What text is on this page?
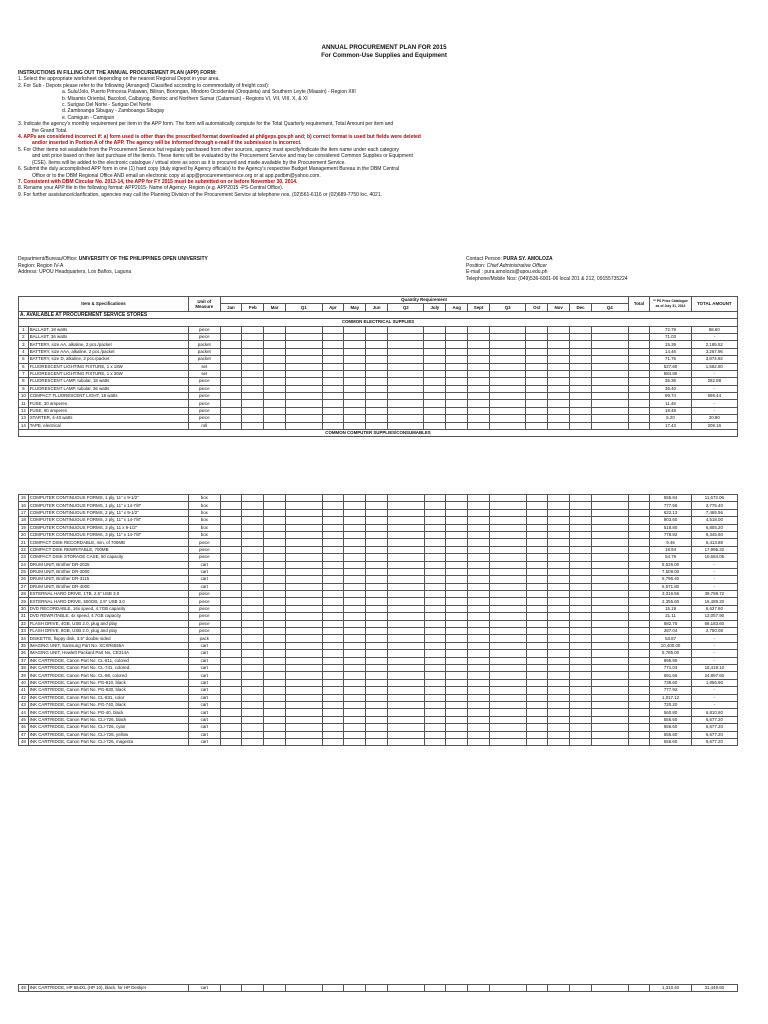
ANNUAL PROCUREMENT PLAN FOR 2015
For Common-Use Supplies and Equipment
INSTRUCTIONS IN FILLING OUT THE ANNUAL PROCUREMENT PLAN (APP) FORM:
1. Select the appropriate worksheet depending on the nearest Regional Depot in your area.
2. For Sub - Depots please refer to the following (Arranged) Classified according to commmodality of freight cost):
a. Sulu/Jolo, Puerto Princesa Palawan, Biliran, Borongan, Mindoro Occidental (Oroquieta) and Southern Leyte (Maasin) - Region XIII
b. Misamis Oriental, Bacolod, Calbayog, Bontoc and Northern Samar (Catarman) - Regions VI, VII, VIII, X, & XI
c. Surigao Del Norte - Surigao Del Norte
d. Zamboanga Sibugay - Zamboanga Sibugay
e. Camiguin - Camiguin
3. Indicate the agency's monthly requirement per item in the APP form. The form will automatically compute for the Total Quarterly requirement, Total Amount per item and
the Grand Total.
4. APPs are considered incorrect if: a) form used is other than the prescribed format downloaded at philgeps.gov.ph and; b) correct format is used but fields were deleted
and/or inserted in Portion A of the APP. The agency will be informed through e-mail if the submission is incorrect.
5. For Other items not available from the Procurement Service but regularly purchased from other sources, agency must specify/indicate the item name under each category
and unit price based on their last purchase of the item/s. These items will be evaluated by the Procurement Service and may be considered Common Supplies or Equipment
(CSE). Items will be added to the electronic catalogue / virtual store as soon as it is procured and made available by the Procurement Service.
6. Submit the duly accomplished APP form in one (1) hard copy (duly signed by Agency officials) to the Agency's respective Budget Management Bureau in the DBM Central
Office or to the DBM Regional Office AND email an electronic copy at app@procurementservice.org or at app.psdbm@yahoo.com.
7. Consistent with DBM Circular No. 2013-14, the APP for FY 2015 must be submitted on or before November 30, 2014.
8. Rename your APP file in the following format: APP2015- Name of Agency- Region (e.g. APP2015 -PS-Central Office).
9. For further assistance/clarification, agencies may call the Planning Division of the Procurement Service at telephone nos. (02)561-6116 or (02)689-7750 loc. 4021.
Department/Bureau/Office: UNIVERSITY OF THE PHILIPPINES OPEN UNIVERSITY
Region: Region IV-A
Address: UPOU Headquarters, Los Baños, Laguna
Contact Person: PURA SY. AMOLOZA
Position: Chief Administrative Officer
E-mail : pura.amoloza@upou.edu.ph
Telephone/Mobile Nos: (049)536-6001-06 local 201 & 212, 09155735224
Item & Specifications		Unit of Measure	Quantity Requirement																Total	** PS Price Catalogue as of July 31, 2014	TOTAL AMOUNT
			Jan	Feb	Mar	Q1	Apr	May	Jun	Q2	July	Aug	Sept	Q3	Oct	Nov	Dec	Q4			
A. AVAILABLE AT PROCUREMENT SERVICE STORES																					
COMMON ELECTRICAL SUPPLIES																					
1	BALLAST, 18 watts	piece																		72.79	58.60
2	BALLAST, 36 watts	piece																		71.03	-
3	BATTERY, size AA, alkaline, 2 pcs./packet	packet																		15.39	2,185.52
4	BATTERY, size AAA, alkaline, 2 pcs./packet	packet																		14.46	3,267.96
5	BATTERY, size D, alkaline, 2 pcs./packet	packet																		71.76	3,874.92
6	FLUORESCENT LIGHTING FIXTURE, 1 x 18W	set																		527.60	1,582.80
7	FLUORESCENT LIGHTING FIXTURE, 1 x 36W	set																		584.80	-
8	FLUORESCENT LAMP, tubular, 18 watts	piece																		35.36	282.88
9	FLUORESCENT LAMP, tubular, 36 watts	piece																		36.40	-
10	COMPACT FLUORESCENT LIGHT, 18 watts	piece																		99.74	598.44
11	FUSE, 30 amperes	piece																		11.48	-
12	FUSE, 60 amperes	piece																		18.48	-
13	STARTER, 4-40 watts	piece																		5.20	20.80
14	TAPE, electrical	roll																		17.43	209.16
COMMON COMPUTER SUPPLIES/CONSUMABLES																					
15	COMPUTER CONTINUOUS FORMS, 1 ply, 11" x 9-1/2"	box																		555.84	11,673.06
16	COMPUTER CONTINUOUS FORMS, 1 ply, 11" x 14-7/8"	box																		777.56	2,775.40
17	COMPUTER CONTINUOUS FORMS, 2 ply, 11" x 9-1/2"	box																		622.13	7,465.56
18	COMPUTER CONTINUOUS FORMS, 2 ply, 11" x 14-7/8"	box																		903.60	4,518.00
19	COMPUTER CONTINUOUS FORMS, 3 ply, 11 x 9-1/2"	box																		518.80	6,805.20
20	COMPUTER CONTINUOUS FORMS, 3 ply, 11" x 14-7/8"	box																		778.82	9,345.60
21	COMPACT DISK RECORDABLE, min. of 700MB	piece																		9.46	6,413.88
22	COMPACT DISK REWRITABLE, 700MB	piece																		18.94	17,995.32
23	COMPACT DISK STORAGE CASE, 50 capacity	piece																		54.79	10,684.05
24	DRUM UNIT, Brother DR-2025	cart																		8,526.00	-
25	DRUM UNIT, Brother DR-3000	cart																		7,509.00	-
26	DRUM UNIT, Brother DR-3115	cart																		6,796.40	-
27	DRUM UNIT, Brother DR-4000	cart																		6,571.80	-
28	EXTERNAL HARD DRIVE, 1TB, 2.5" USB 3.0	piece																		3,316.56	39,798.72
29	EXTERNAL HARD DRIVE, 500GB, 2.5" USB 3.0	piece																		2,355.60	16,489.20
30	DVD RECORDABLE, 16x speed, 4.7GB capacity	piece																		15.19	6,637.60
31	DVD REWRITABLE, 4x speed, 4.7GB capacity	piece																		21.11	13,057.90
32	FLASH DRIVE, 4GB, USB 2.0, plug and play	piece																		582.75	68,183.60
33	FLASH DRIVE, 8GB, USB 2.0, plug and play	piece																		287.04	2,750.08
34	DISKETTE, floppy disk, 3.5" double sided	pack																		53.87	-
35	IMAGING UNIT, Samsung Part No. SCXR6555A	cart																		10,400.00	-
36	IMAGING UNIT, Hewlett Packard Part No. CE314A	cart																		5,785.00	-
37	INK CARTRIDGE, Canon Part No. CL-811, colored	cart																		895.95	-
38	INK CARTRIDGE, Canon Part No. CL-741, colored	cart																		771.03	15,419.10
39	INK CARTRIDGE, Canon Part No. CL-98, colored	cart																		691.66	24,897.60
40	INK CARTRIDGE, Canon Part No. PG-810, black	cart																		739.60	1,856.90
41	INK CARTRIDGE, Canon Part No. PG-830, black	cart																		777.92	-
42	INK CARTRIDGE, Canon Part No. CL-831, color	cart																		1,017.12	-
43	INK CARTRIDGE, Canon Part No. PG-740, black	cart																		720.20	-
44	INK CARTRIDGE, Canon Part No. PG-40, black	cart																		560.80	6,810.60
45	INK CARTRIDGE, Canon Part No. CLI-726, black	cart																		556.60	6,677.20
46	INK CARTRIDGE, Canon Part No. CLI-726, cyan	cart																		556.60	6,677.20
47	INK CARTRIDGE, Canon Part No. CLI-726, yellow	cart																		556.60	6,677.20
48	INK CARTRIDGE, Canon Part No. CLI-726, magenta	cart																		556.60	6,677.20
49	INK CARTRIDGE, HP 564XL (HP 10), black, for HP Deskjet	cart																		1,310.40	31,449.60
